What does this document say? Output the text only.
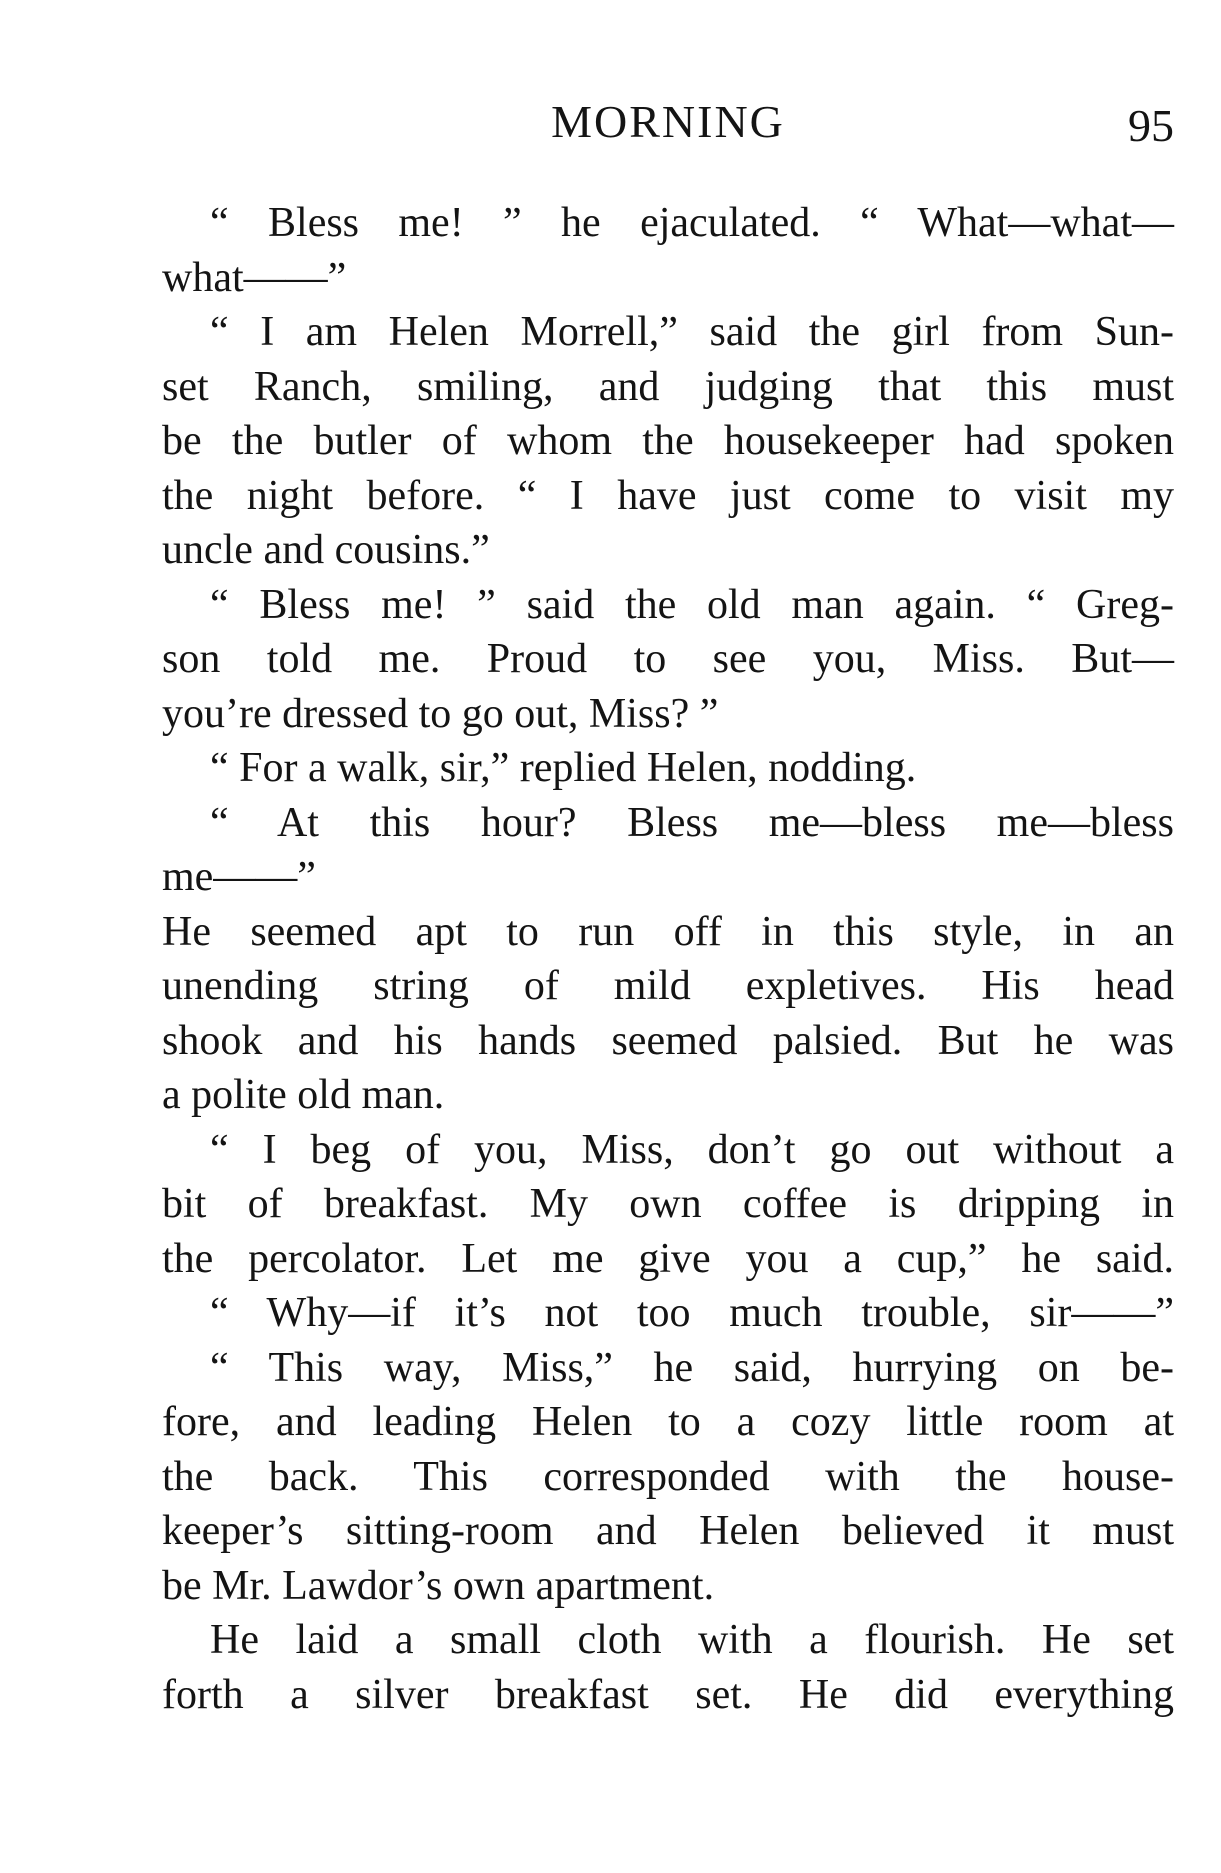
MORNING	95
“ Bless me! ” he ejaculated. “ What—what—
what——”
“ I am Helen Morrell,” said the girl from Sun-
set Ranch, smiling, and judging that this must
be the butler of whom the housekeeper had spoken
the night before. “ I have just come to visit my
uncle and cousins.”
“ Bless me! ” said the old man again. “ Greg-
son told me. Proud to see you, Miss. But—
you’re dressed to go out, Miss? ”
“ For a walk, sir,” replied Helen, nodding.
“ At this hour? Bless me—bless me—bless
me——”
He seemed apt to run off in this style, in an
unending string of mild expletives. His head
shook and his hands seemed palsied. But he was
a polite old man.
“ I beg of you, Miss, don’t go out without a
bit of breakfast. My own coffee is dripping in
the percolator. Let me give you a cup,” he said.
“ Why—if it’s not too much trouble, sir——”
“ This way, Miss,” he said, hurrying on be-
fore, and leading Helen to a cozy little room at
the back. This corresponded with the house-
keeper’s sitting-room and Helen believed it must
be Mr. Lawdor’s own apartment.
He laid a small cloth with a flourish. He set
forth a silver breakfast set. He did everything
